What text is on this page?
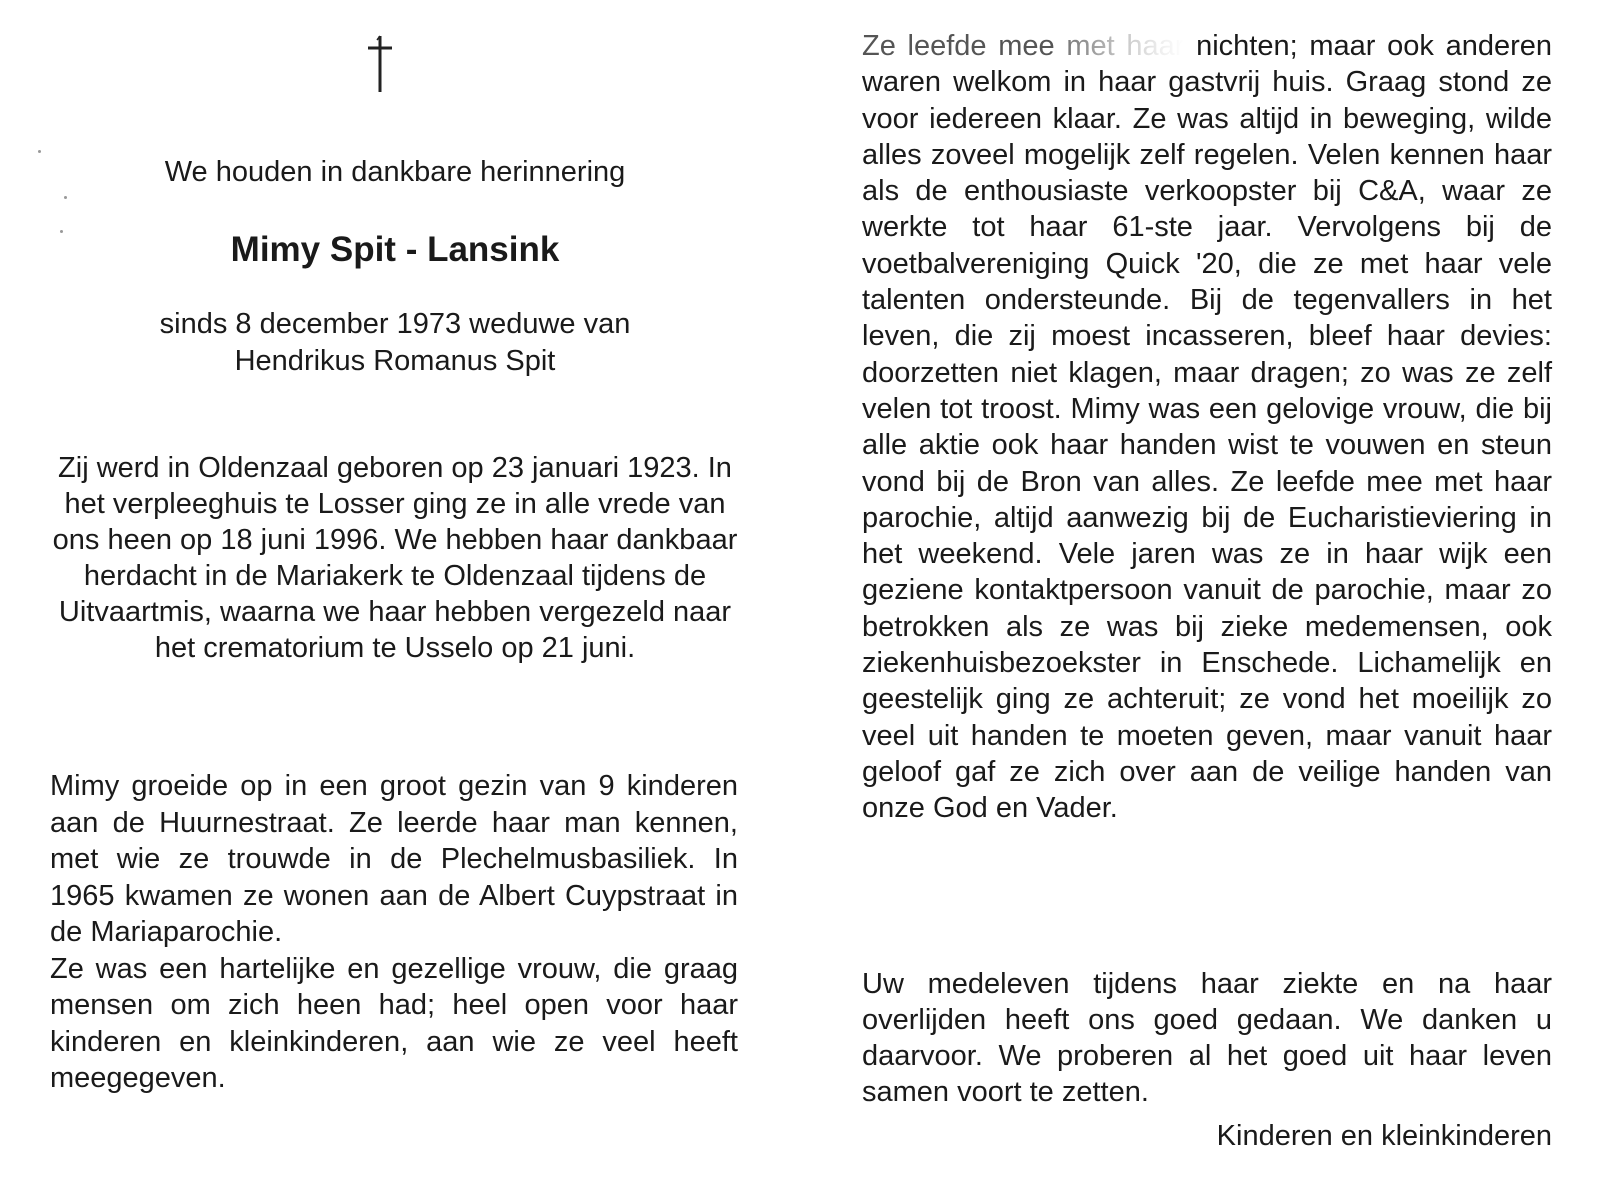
We houden in dankbare herinnering
Mimy Spit - Lansink
sinds 8 december 1973 weduwe van
Hendrikus Romanus Spit
Zij werd in Oldenzaal geboren op 23 januari 1923. In het verpleeghuis te Losser ging ze in alle vrede van ons heen op 18 juni 1996. We hebben haar dankbaar herdacht in de Mariakerk te Oldenzaal tijdens de Uitvaartmis, waarna we haar hebben vergezeld naar het crematorium te Usselo op 21 juni.

Mimy groeide op in een groot gezin van 9 kinderen aan de Huurnestraat. Ze leerde haar man kennen, met wie ze trouwde in de Plechelmusbasiliek. In 1965 kwamen ze wonen aan de Albert Cuypstraat in de Mariaparochie.

Ze was een hartelijke en gezellige vrouw, die graag mensen om zich heen had; heel open voor haar kinderen en kleinkinderen, aan wie ze veel heeft meegegeven.

Ze leefde mee met haar nichten; maar ook anderen waren welkom in haar gastvrij huis. Graag stond ze voor iedereen klaar. Ze was altijd in beweging, wilde alles zoveel mogelijk zelf regelen. Velen kennen haar als de enthousiaste verkoopster bij C&A, waar ze werkte tot haar 61-ste jaar. Vervolgens bij de voetbalvereniging Quick '20, die ze met haar vele talenten ondersteunde. Bij de tegenvallers in het leven, die zij moest incasseren, bleef haar devies: doorzetten niet klagen, maar dragen; zo was ze zelf velen tot troost. Mimy was een gelovige vrouw, die bij alle aktie ook haar handen wist te vouwen en steun vond bij de Bron van alles. Ze leefde mee met haar parochie, altijd aanwezig bij de Eucharistieviering in het weekend. Vele jaren was ze in haar wijk een geziene kontaktpersoon vanuit de parochie, maar zo betrokken als ze was bij zieke medemensen, ook ziekenhuisbezoekster in Enschede. Lichamelijk en geestelijk ging ze achteruit; ze vond het moeilijk zo veel uit handen te moeten geven, maar vanuit haar geloof gaf ze zich over aan de veilige handen van onze God en Vader.
Uw medeleven tijdens haar ziekte en na haar overlijden heeft ons goed gedaan. We danken u daarvoor. We proberen al het goed uit haar leven samen voort te zetten.
Kinderen en kleinkinderen
